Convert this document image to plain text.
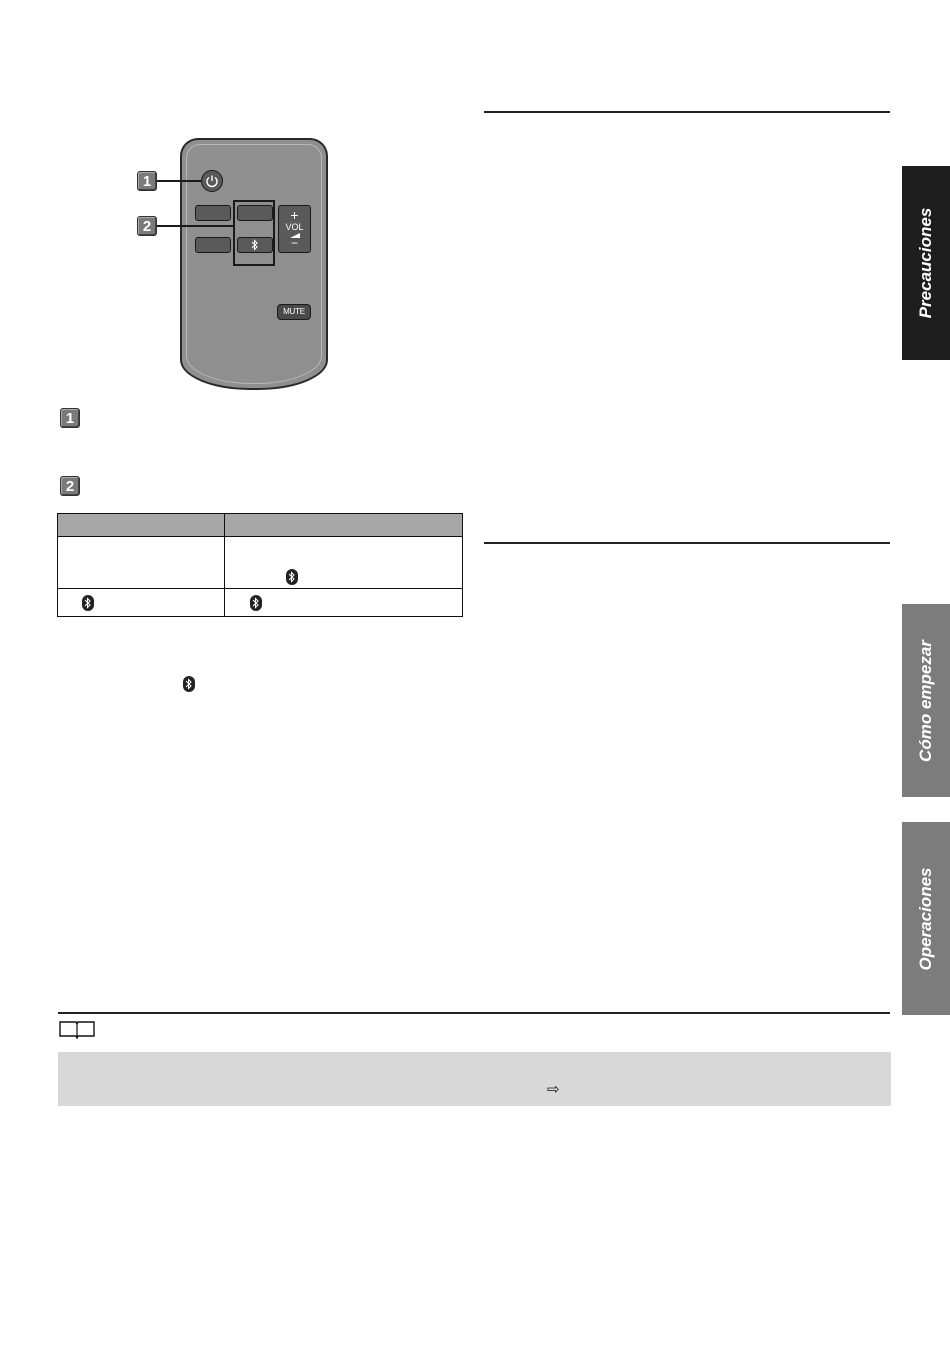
+
VOL
−
MUTE
1
2
1
2

Precauciones
Cómo empezar
Operaciones
⇨
